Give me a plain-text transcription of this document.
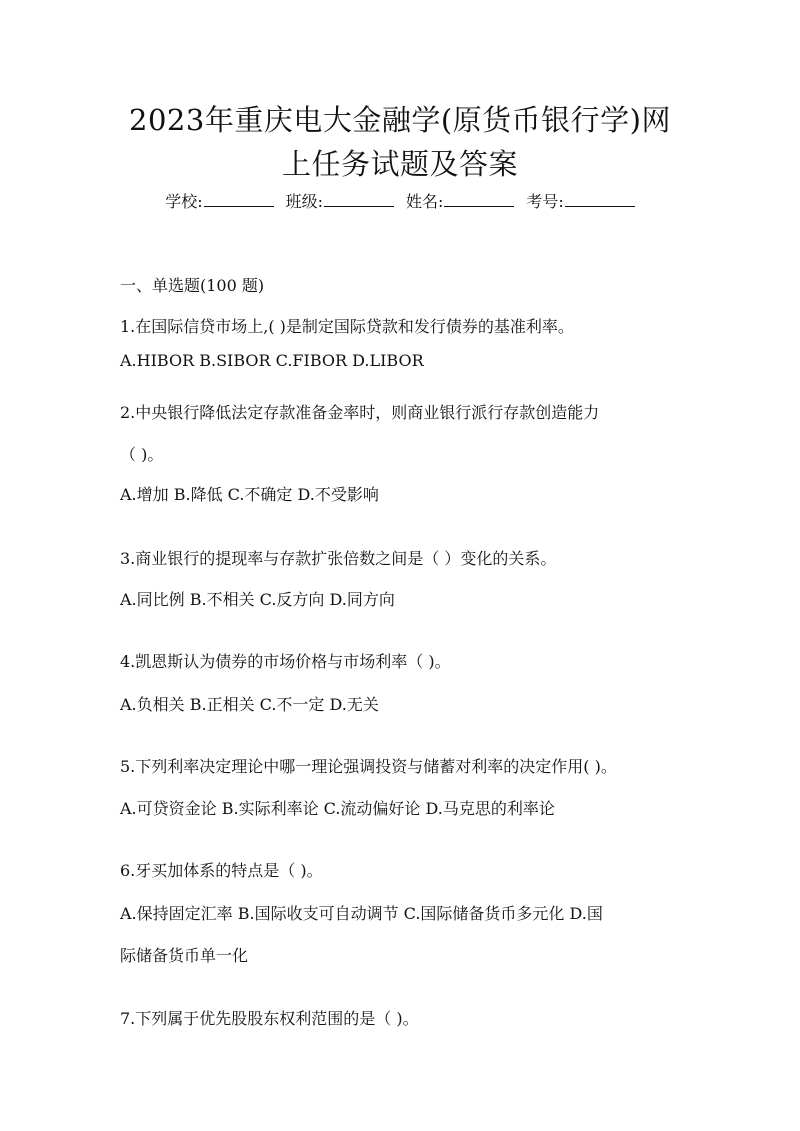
2023年重庆电大金融学(原货币银行学)网
上任务试题及答案
学校:	班级:	姓名:	考号:
一、单选题(100 题)
1.在国际信贷市场上,( )是制定国际贷款和发行债券的基准利率。
A.HIBOR B.SIBOR C.FIBOR D.LIBOR
2.中央银行降低法定存款准备金率时，则商业银行派行存款创造能力
（ )。
A.增加 B.降低 C.不确定 D.不受影响
3.商业银行的提现率与存款扩张倍数之间是（ ）变化的关系。
A.同比例 B.不相关 C.反方向 D.同方向
4.凯恩斯认为债券的市场价格与市场利率（ )。
A.负相关 B.正相关 C.不一定 D.无关
5.下列利率决定理论中哪一理论强调投资与储蓄对利率的决定作用( )。
A.可贷资金论 B.实际利率论 C.流动偏好论 D.马克思的利率论
6.牙买加体系的特点是（ )。
A.保持固定汇率 B.国际收支可自动调节 C.国际储备货币多元化 D.国
际储备货币单一化
7.下列属于优先股股东权利范围的是（ )。
